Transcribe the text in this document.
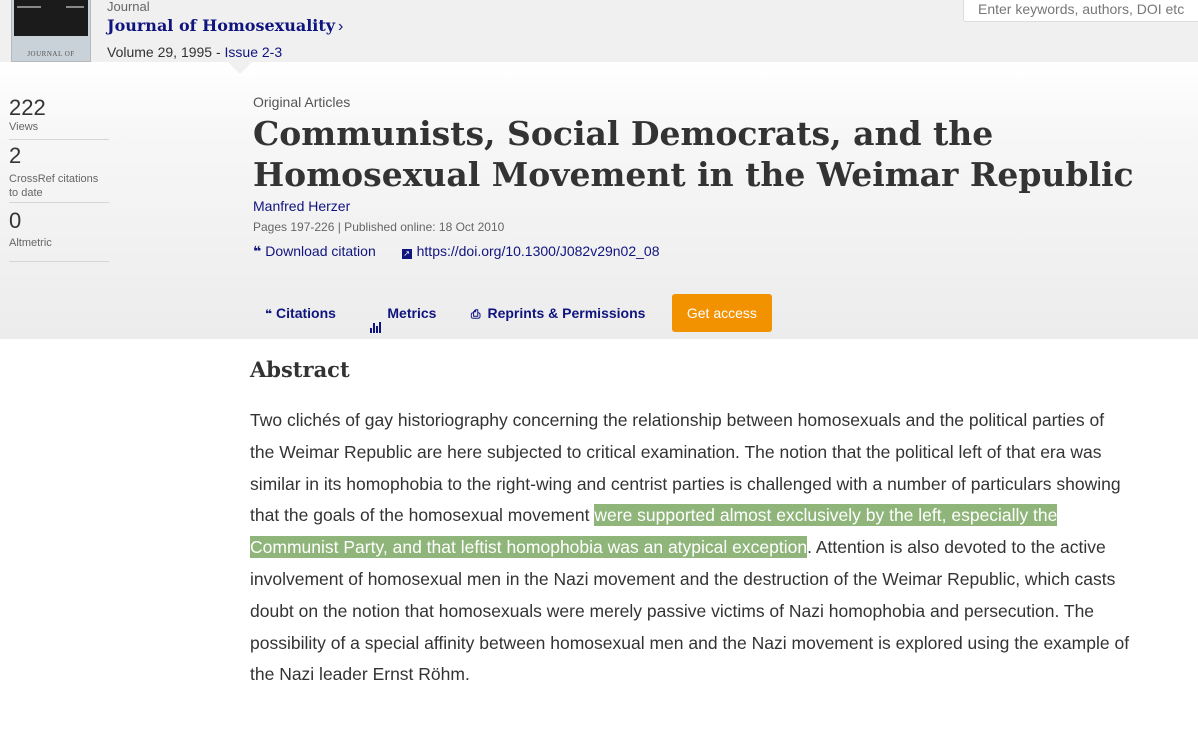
JOURNAL OF
Journal
Journal of Homosexuality ›
Volume 29, 1995 - Issue 2-3
Enter keywords, authors, DOI etc
222
Views
2
CrossRef citations to date
0
Altmetric
Original Articles
Communists, Social Democrats, and the Homosexual Movement in the Weimar Republic
Manfred Herzer
Pages 197-226 | Published online: 18 Oct 2010
❝ Download citation	↗ https://doi.org/10.1300/J082v29n02_08
❝ Citations	Metrics	⎙ Reprints & Permissions	Get access
Abstract

Two clichés of gay historiography concerning the relationship between homosexuals and the political parties of the Weimar Republic are here subjected to critical examination. The notion that the political left of that era was similar in its homophobia to the right-wing and centrist parties is challenged with a number of particulars showing that the goals of the homosexual movement were supported almost exclusively by the left, especially the Communist Party, and that leftist homophobia was an atypical exception. Attention is also devoted to the active involvement of homosexual men in the Nazi movement and the destruction of the Weimar Republic, which casts doubt on the notion that homosexuals were merely passive victims of Nazi homophobia and persecution. The possibility of a special affinity between homosexual men and the Nazi movement is explored using the example of the Nazi leader Ernst Röhm.
